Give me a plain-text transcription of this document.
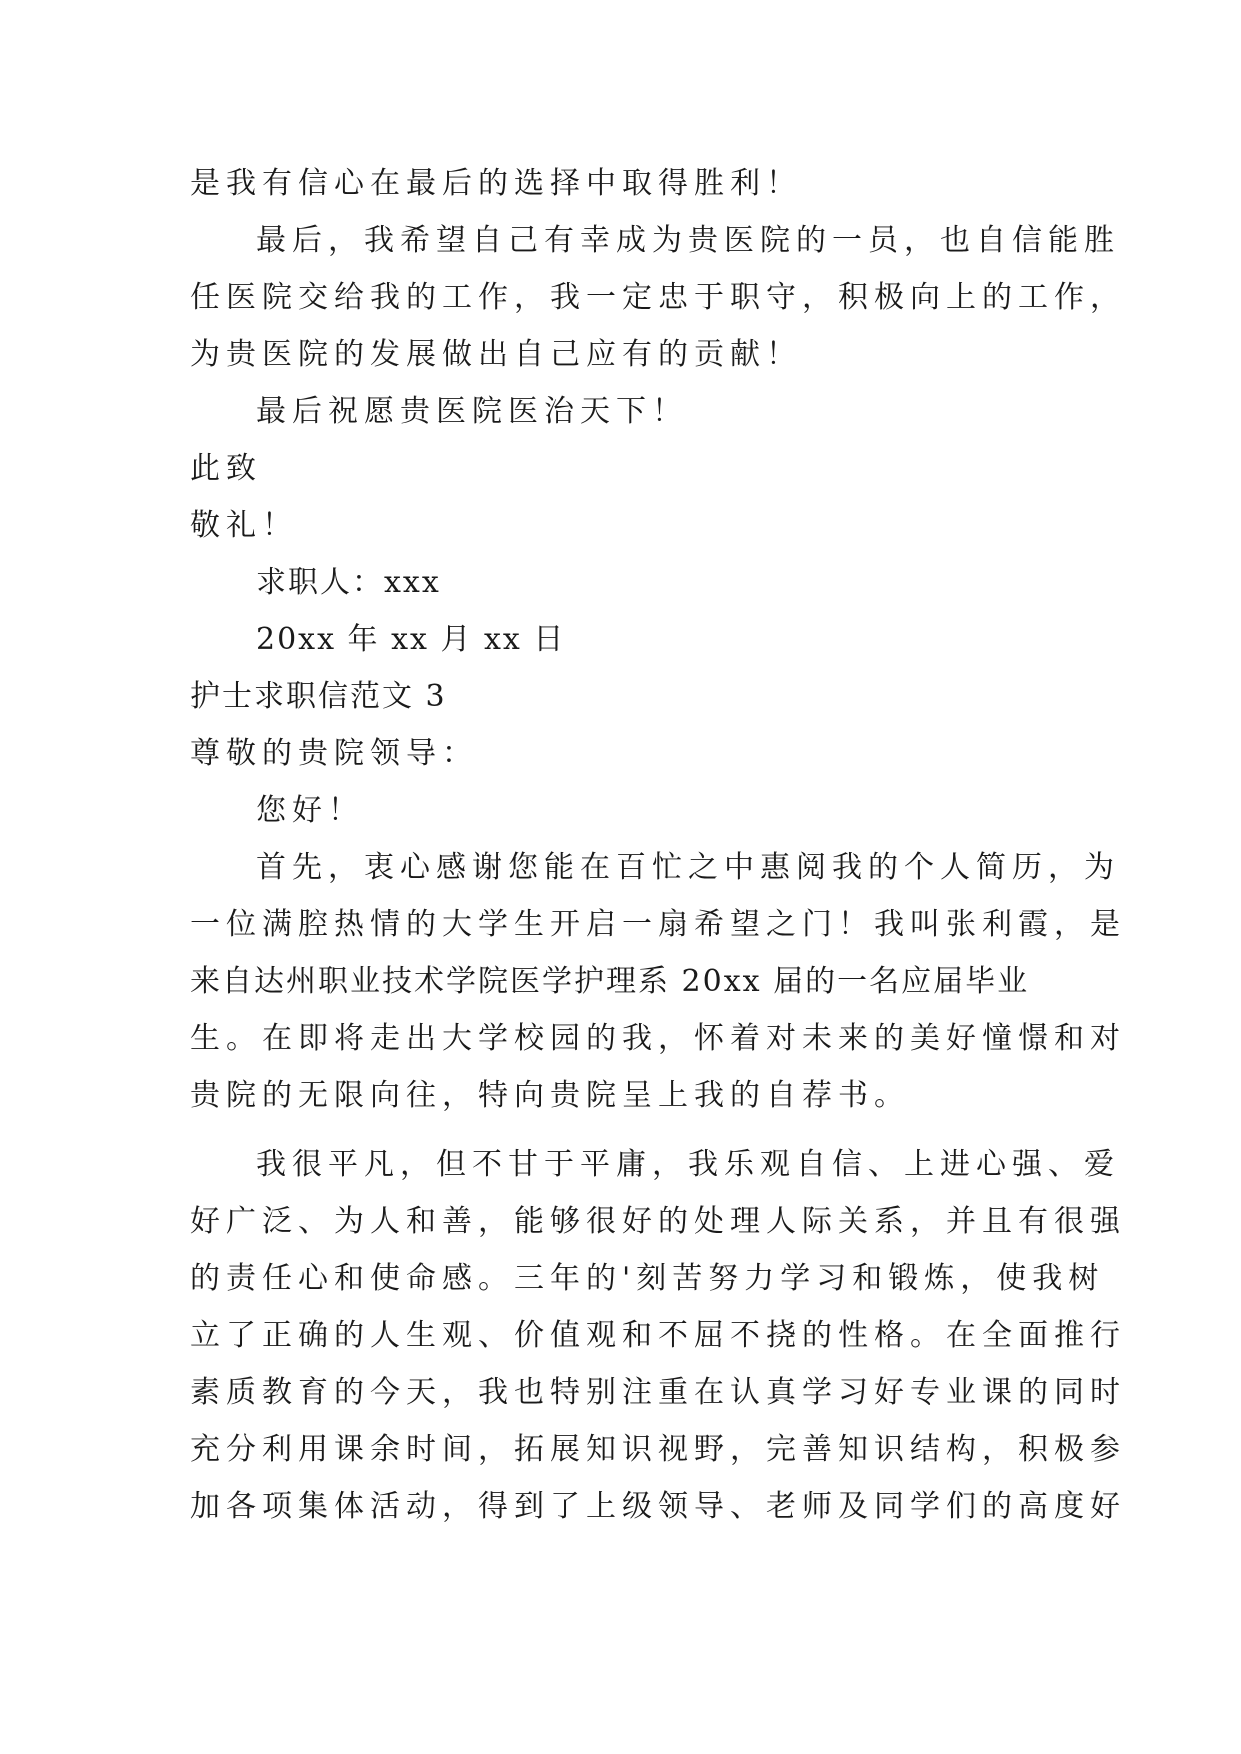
是我有信心在最后的选择中取得胜利！
最后，我希望自己有幸成为贵医院的一员，也自信能胜
任医院交给我的工作，我一定忠于职守，积极向上的工作，
为贵医院的发展做出自己应有的贡献！
最后祝愿贵医院医治天下！
此致
敬礼！
求职人：xxx
20xx 年 xx 月 xx 日
护士求职信范文 3
尊敬的贵院领导：
您好！
首先，衷心感谢您能在百忙之中惠阅我的个人简历，为
一位满腔热情的大学生开启一扇希望之门！我叫张利霞，是
来自达州职业技术学院医学护理系 20xx 届的一名应届毕业
生。在即将走出大学校园的我，怀着对未来的美好憧憬和对
贵院的无限向往，特向贵院呈上我的自荐书。
我很平凡，但不甘于平庸，我乐观自信、上进心强、爱
好广泛、为人和善，能够很好的处理人际关系，并且有很强
的责任心和使命感。三年的'刻苦努力学习和锻炼，使我树
立了正确的人生观、价值观和不屈不挠的性格。在全面推行
素质教育的今天，我也特别注重在认真学习好专业课的同时
充分利用课余时间，拓展知识视野，完善知识结构，积极参
加各项集体活动，得到了上级领导、老师及同学们的高度好
